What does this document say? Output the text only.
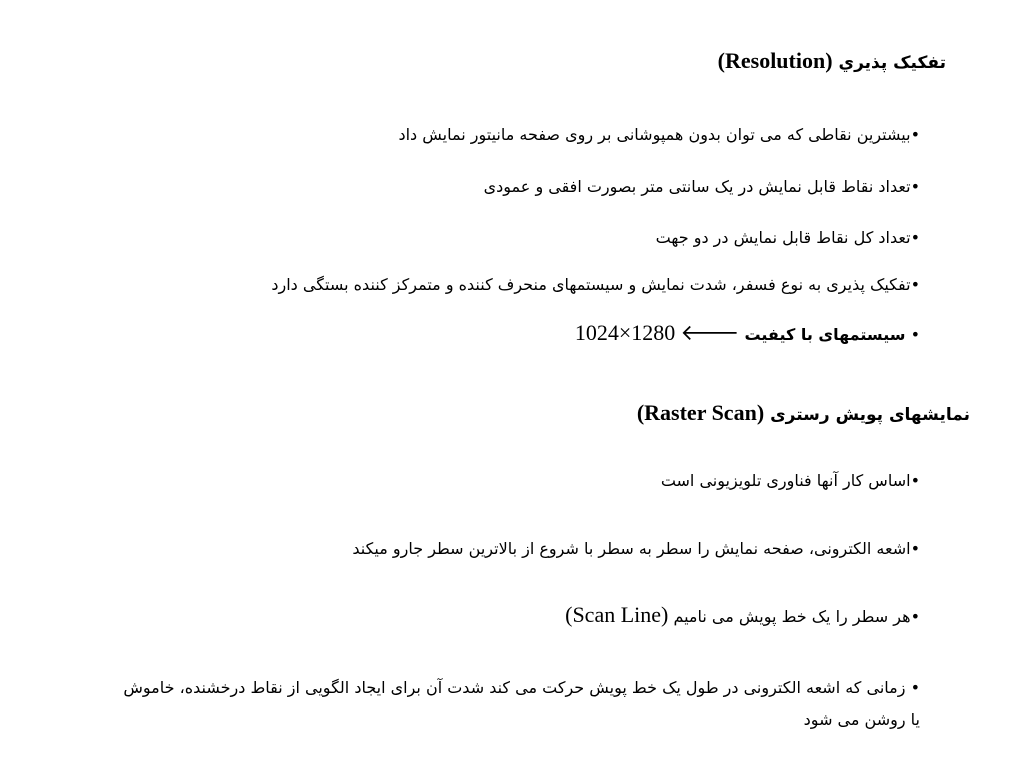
تفکیک پذیري (Resolution)
•بیشترین نقاطی که می توان بدون همپوشانی بر روی صفحه مانیتور نمایش داد
•تعداد نقاط قابل نمایش در یک سانتی متر بصورت افقی و عمودی
•تعداد کل نقاط قابل نمایش در دو جهت
•تفکیک پذیری به نوع فسفر، شدت نمایش و سیستمهای منحرف کننده و متمرکز کننده بستگی دارد
• سیستمهای با کیفیت 🡐 1280×1024
نمایشهای پویش رستری (Raster Scan)
•اساس کار آنها فناوری تلویزیونی است
•اشعه الکترونی، صفحه نمایش را سطر به سطر با شروع از بالاترین سطر جارو میکند
•هر سطر را یک خط پویش می نامیم (Scan Line)
• زمانی که اشعه الکترونی در طول یک خط پویش حرکت می کند شدت آن برای ایجاد الگویی از نقاط درخشنده، خاموش یا روشن می شود
